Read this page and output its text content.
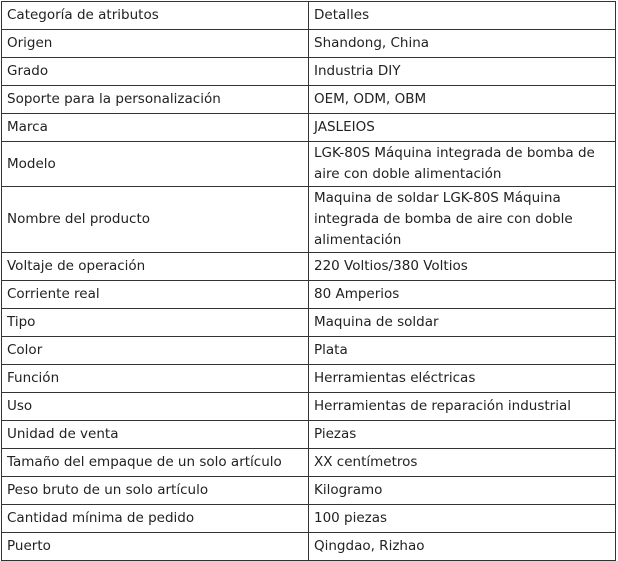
Categoría de atributos	Detalles
Origen	Shandong, China
Grado	Industria DIY
Soporte para la personalización	OEM, ODM, OBM
Marca	JASLEIOS
Modelo	LGK-80S Máquina integrada de bomba de aire con doble alimentación
Nombre del producto	Maquina de soldar LGK-80S Máquina integrada de bomba de aire con doble alimentación
Voltaje de operación	220 Voltios/380 Voltios
Corriente real	80 Amperios
Tipo	Maquina de soldar
Color	Plata
Función	Herramientas eléctricas
Uso	Herramientas de reparación industrial
Unidad de venta	Piezas
Tamaño del empaque de un solo artículo	XX centímetros
Peso bruto de un solo artículo	Kilogramo
Cantidad mínima de pedido	100 piezas
Puerto	Qingdao, Rizhao
